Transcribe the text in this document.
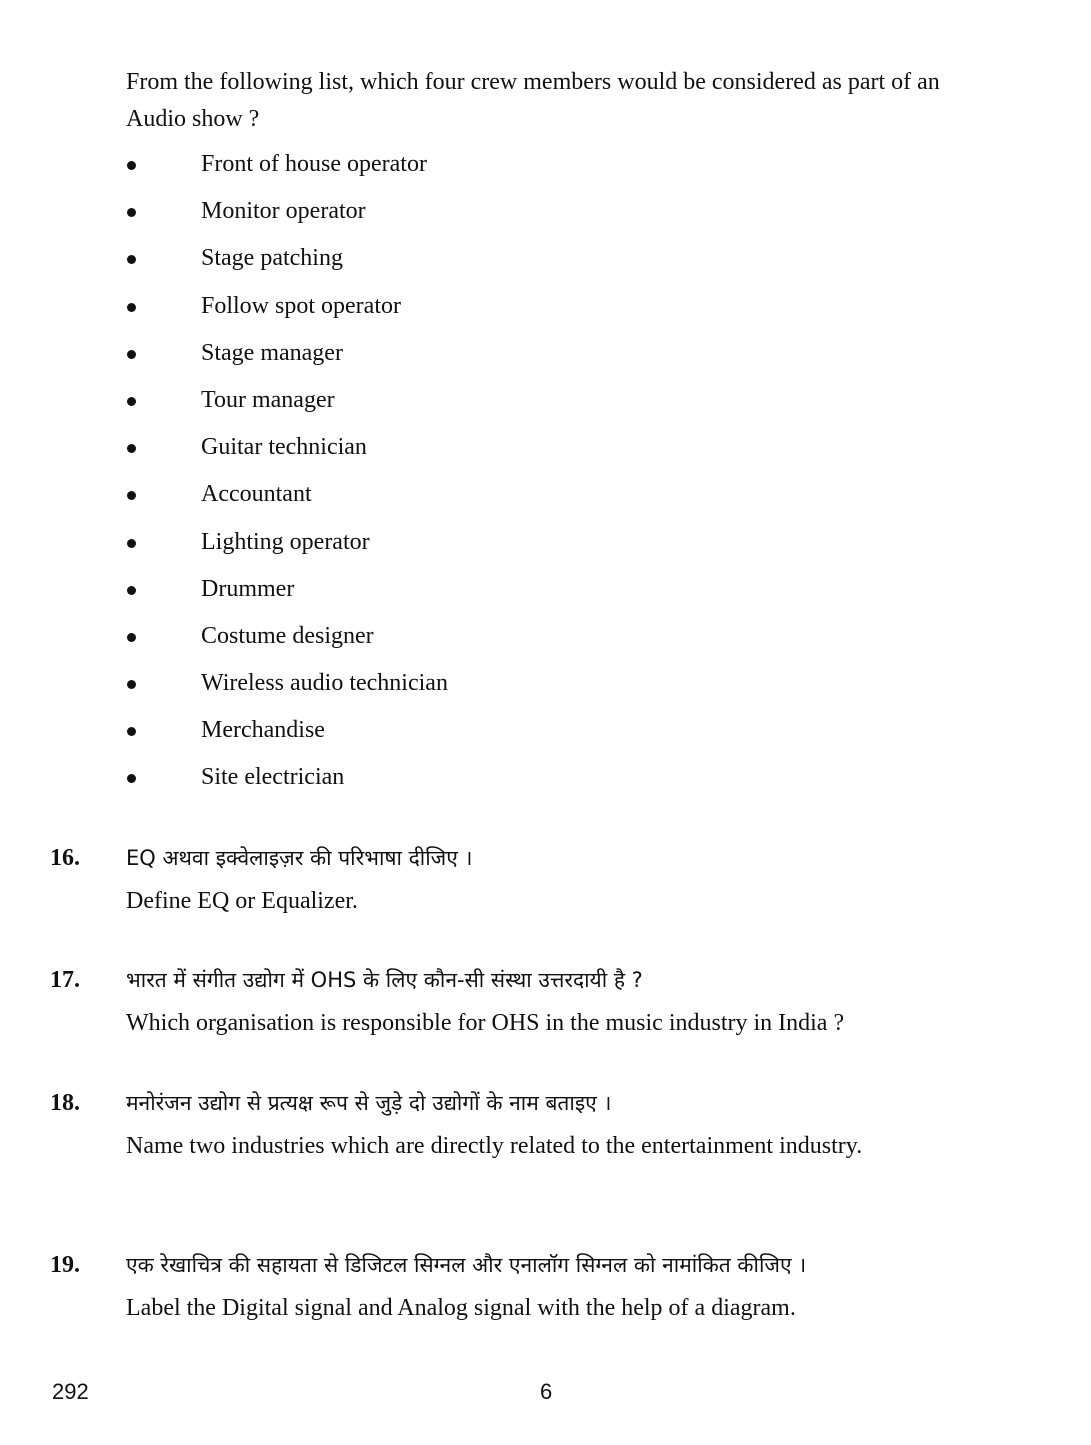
From the following list, which four crew members would be considered as part of an Audio show ?

Front of house operator
Monitor operator
Stage patching
Follow spot operator
Stage manager
Tour manager
Guitar technician
Accountant
Lighting operator
Drummer
Costume designer
Wireless audio technician
Merchandise
Site electrician
16. EQ अथवा इक्वेलाइज़र की परिभाषा दीजिए ।

Define EQ or Equalizer.

17. भारत में संगीत उद्योग में OHS के लिए कौन-सी संस्था उत्तरदायी है ?

Which organisation is responsible for OHS in the music industry in India ?

18. मनोरंजन उद्योग से प्रत्यक्ष रूप से जुड़े दो उद्योगों के नाम बताइए ।

Name two industries which are directly related to the entertainment industry.

19. एक रेखाचित्र की सहायता से डिजिटल सिग्नल और एनालॉग सिग्नल को नामांकित कीजिए ।

Label the Digital signal and Analog signal with the help of a diagram.

292	6
